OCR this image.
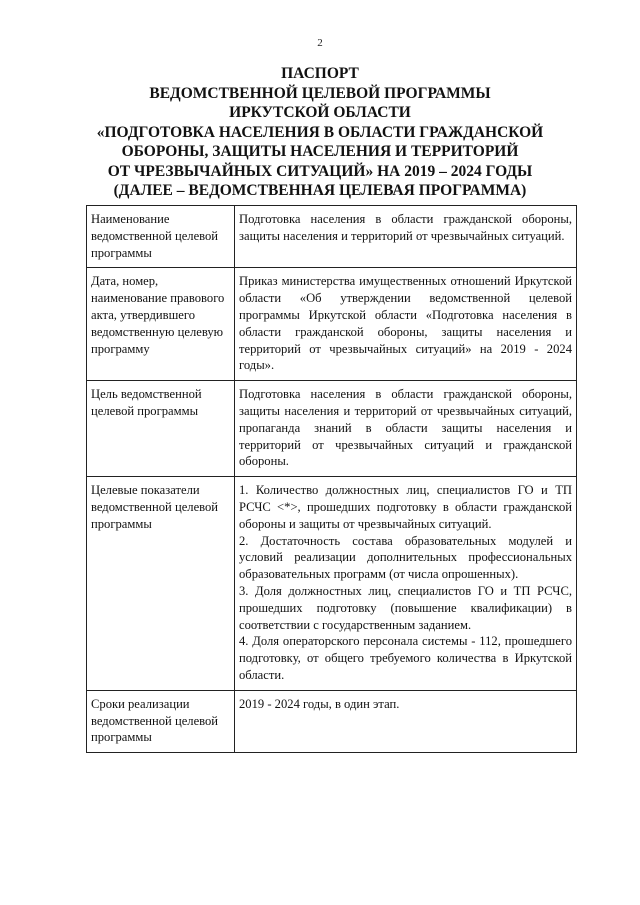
2
ПАСПОРТ
ВЕДОМСТВЕННОЙ ЦЕЛЕВОЙ ПРОГРАММЫ
ИРКУТСКОЙ ОБЛАСТИ
«ПОДГОТОВКА НАСЕЛЕНИЯ В ОБЛАСТИ ГРАЖДАНСКОЙ
ОБОРОНЫ, ЗАЩИТЫ НАСЕЛЕНИЯ И ТЕРРИТОРИЙ
ОТ ЧРЕЗВЫЧАЙНЫХ СИТУАЦИЙ» НА 2019 – 2024 ГОДЫ
(ДАЛЕЕ – ВЕДОМСТВЕННАЯ ЦЕЛЕВАЯ ПРОГРАММА)
Наименование ведомственной целевой программы	Подготовка населения в области гражданской обороны, защиты населения и территорий от чрезвычайных ситуаций.

Дата, номер, наименование правового акта, утвердившего ведомственную целевую программу	Приказ министерства имущественных отношений Иркутской области «Об утверждении ведомственной целевой программы Иркутской области «Подготовка населения в области гражданской обороны, защиты населения и территорий от чрезвычайных ситуаций» на 2019 - 2024 годы».

Цель ведомственной целевой программы	Подготовка населения в области гражданской обороны, защиты населения и территорий от чрезвычайных ситуаций, пропаганда знаний в области защиты населения и территорий от чрезвычайных ситуаций и гражданской обороны.

Целевые показатели ведомственной целевой программы	1. Количество должностных лиц, специалистов ГО и ТП РСЧС <*>, прошедших подготовку в области гражданской обороны и защиты от чрезвычайных ситуаций.
2. Достаточность состава образовательных модулей и условий реализации дополнительных профессиональных образовательных программ (от числа опрошенных).
3. Доля должностных лиц, специалистов ГО и ТП РСЧС, прошедших подготовку (повышение квалификации) в соответствии с государственным заданием.
4. Доля операторского персонала системы - 112, прошедшего подготовку, от общего требуемого количества в Иркутской области.

Сроки реализации ведомственной целевой программы	2019 - 2024 годы, в один этап.
